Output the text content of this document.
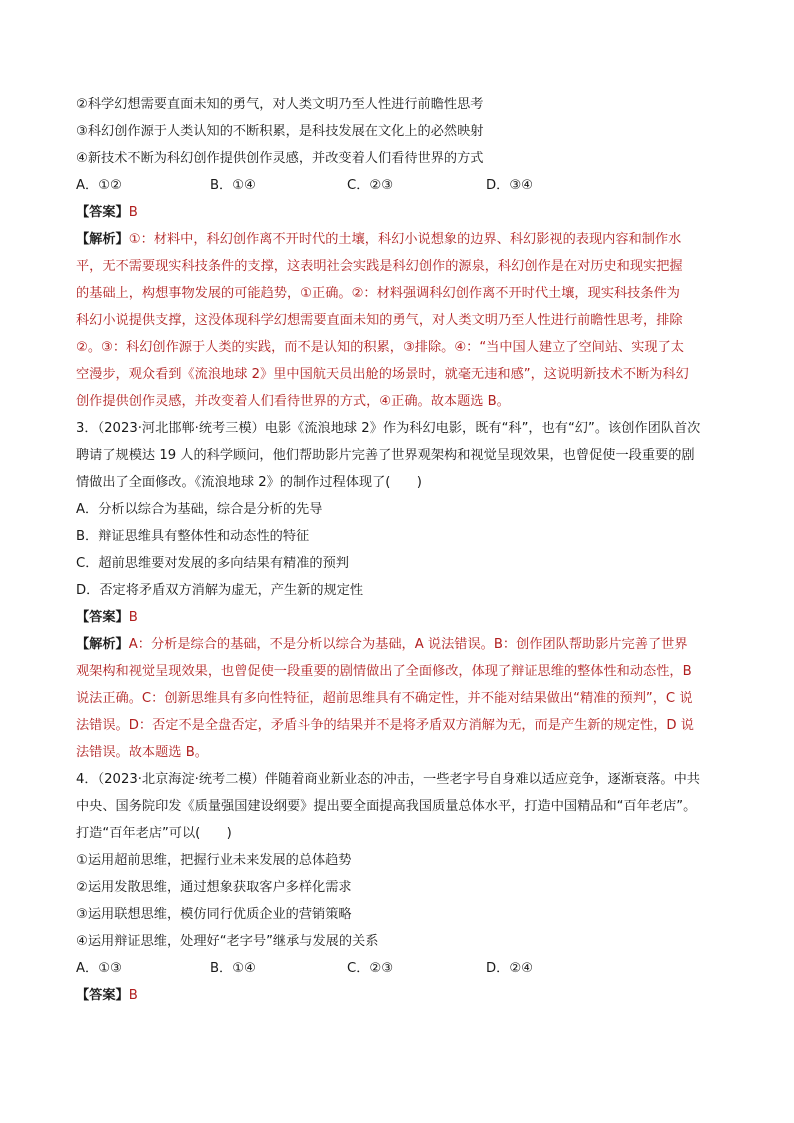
②科学幻想需要直面未知的勇气，对人类文明乃至人性进行前瞻性思考
③科幻创作源于人类认知的不断积累，是科技发展在文化上的必然映射
④新技术不断为科幻创作提供创作灵感，并改变着人们看待世界的方式
A．①②	B．①④	C．②③	D．③④
【答案】B
【解析】①：材料中，科幻创作离不开时代的土壤，科幻小说想象的边界、科幻影视的表现内容和制作水
平，无不需要现实科技条件的支撑，这表明社会实践是科幻创作的源泉，科幻创作是在对历史和现实把握
的基础上，构想事物发展的可能趋势，①正确。②：材料强调科幻创作离不开时代土壤，现实科技条件为
科幻小说提供支撑，这没体现科学幻想需要直面未知的勇气，对人类文明乃至人性进行前瞻性思考，排除
②。③：科幻创作源于人类的实践，而不是认知的积累，③排除。④：“当中国人建立了空间站、实现了太
空漫步，观众看到《流浪地球 2》里中国航天员出舱的场景时，就毫无违和感”，这说明新技术不断为科幻
创作提供创作灵感，并改变着人们看待世界的方式，④正确。故本题选 B。
3．（2023·河北邯郸·统考三模）电影《流浪地球 2》作为科幻电影，既有“科”，也有“幻”。该创作团队首次
聘请了规模达 19 人的科学顾问，他们帮助影片完善了世界观架构和视觉呈现效果，也曾促使一段重要的剧
情做出了全面修改。《流浪地球 2》的制作过程体现了(　　)
A．分析以综合为基础，综合是分析的先导
B．辩证思维具有整体性和动态性的特征
C．超前思维要对发展的多向结果有精准的预判
D．否定将矛盾双方消解为虚无，产生新的规定性
【答案】B
【解析】A：分析是综合的基础，不是分析以综合为基础，A 说法错误。B：创作团队帮助影片完善了世界
观架构和视觉呈现效果，也曾促使一段重要的剧情做出了全面修改，体现了辩证思维的整体性和动态性，B
说法正确。C：创新思维具有多向性特征，超前思维具有不确定性，并不能对结果做出“精准的预判”，C 说
法错误。D：否定不是全盘否定，矛盾斗争的结果并不是将矛盾双方消解为无，而是产生新的规定性，D 说
法错误。故本题选 B。
4．（2023·北京海淀·统考二模）伴随着商业新业态的冲击，一些老字号自身难以适应竞争，逐渐衰落。中共
中央、国务院印发《质量强国建设纲要》提出要全面提高我国质量总体水平，打造中国精品和“百年老店”。
打造“百年老店”可以(　　)
①运用超前思维，把握行业未来发展的总体趋势
②运用发散思维，通过想象获取客户多样化需求
③运用联想思维，模仿同行优质企业的营销策略
④运用辩证思维，处理好“老字号”继承与发展的关系
A．①③	B．①④	C．②③	D．②④
【答案】B
